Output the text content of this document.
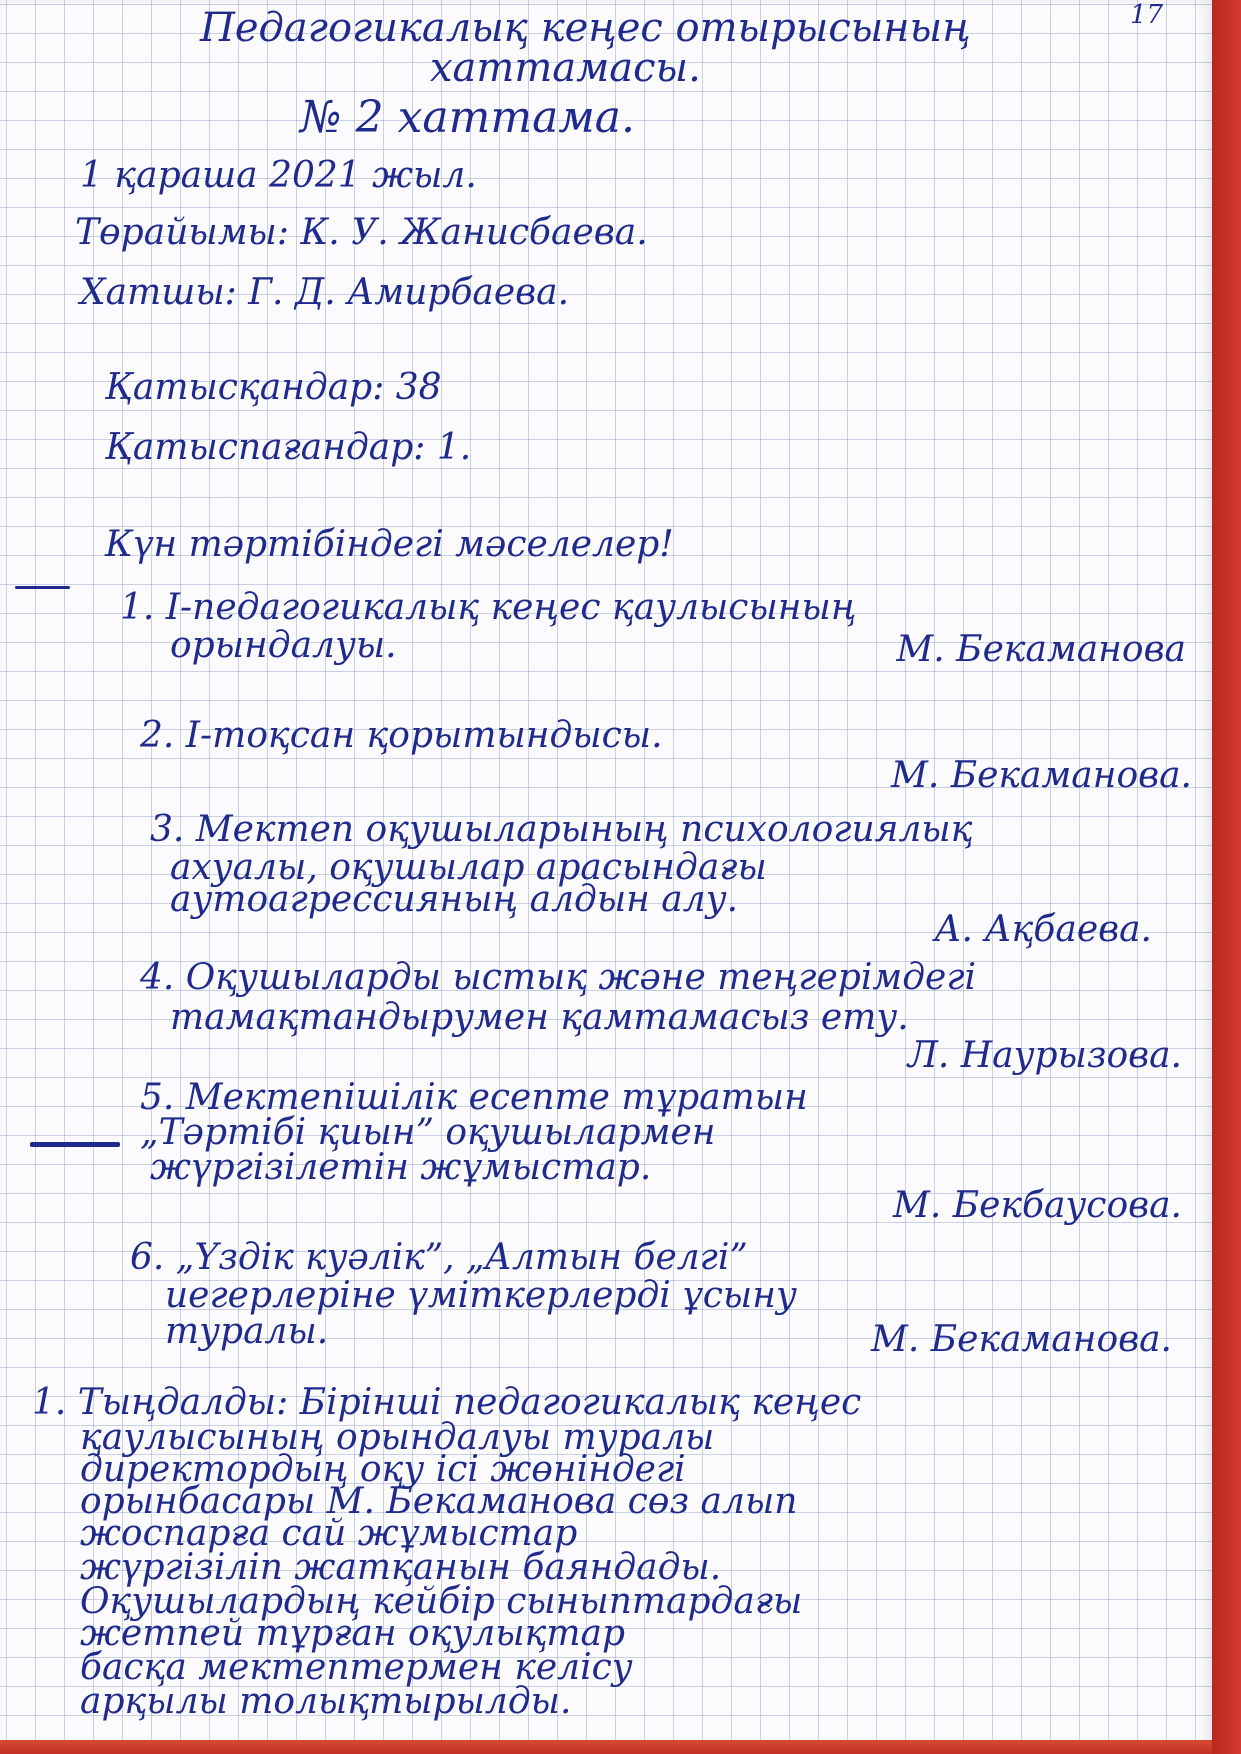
Педагогикалық кеңес отырысының	17
хаттамасы.
№ 2 хаттама.
1 қараша 2021 жыл.
Төрайымы: К. У. Жанисбаева.
Хатшы: Г. Д. Амирбаева.
Қатысқандар: 38
Қатыспағандар: 1.
Күн тәртібіндегі мәселелер!
1. I-педагогикалық кеңес қаулысының
орындалуы.	М. Бекаманова
2. I-тоқсан қорытындысы.
М. Бекаманова.
3. Мектеп оқушыларының психологиялық
ахуалы, оқушылар арасындағы
аутоагрессияның алдын алу.
А. Ақбаева.
4. Оқушыларды ыстық және теңгерімдегі
тамақтандырумен қамтамасыз ету.
Л. Наурызова.
5. Мектепішілік есепте тұратын
„Тәртібі қиын” оқушылармен
жүргізілетін жұмыстар.
М. Бекбаусова.
6. „Үздік куәлік”, „Алтын белгі”
иегерлеріне үміткерлерді ұсыну
туралы.	М. Бекаманова.
1. Тыңдалды: Бірінші педагогикалық кеңес
қаулысының орындалуы туралы
директордың оқу ісі жөніндегі
орынбасары М. Бекаманова сөз алып
жоспарға сай жұмыстар
жүргізіліп жатқанын баяндады.
Оқушылардың кейбір сыныптардағы
жетпей тұрған оқулықтар
басқа мектептермен келісу
арқылы толықтырылды.
